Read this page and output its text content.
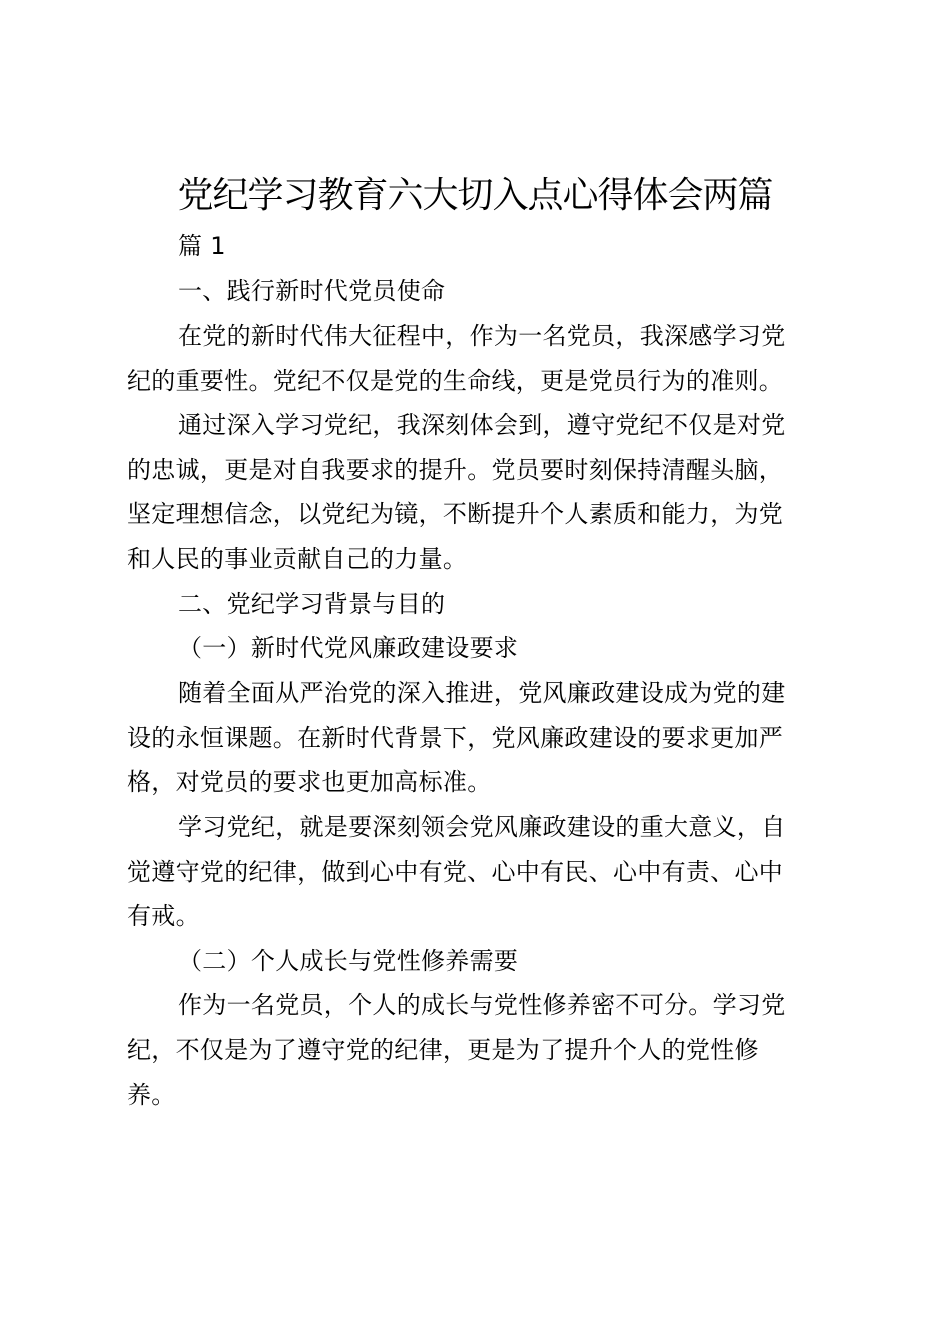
党纪学习教育六大切入点心得体会两篇
篇 1
一、践行新时代党员使命
在党的新时代伟大征程中，作为一名党员，我深感学习党
纪的重要性。党纪不仅是党的生命线，更是党员行为的准则。
通过深入学习党纪，我深刻体会到，遵守党纪不仅是对党
的忠诚，更是对自我要求的提升。党员要时刻保持清醒头脑，
坚定理想信念，以党纪为镜，不断提升个人素质和能力，为党
和人民的事业贡献自己的力量。
二、党纪学习背景与目的
（一）新时代党风廉政建设要求
随着全面从严治党的深入推进，党风廉政建设成为党的建
设的永恒课题。在新时代背景下，党风廉政建设的要求更加严
格，对党员的要求也更加高标准。
学习党纪，就是要深刻领会党风廉政建设的重大意义，自
觉遵守党的纪律，做到心中有党、心中有民、心中有责、心中
有戒。
（二）个人成长与党性修养需要
作为一名党员，个人的成长与党性修养密不可分。学习党
纪，不仅是为了遵守党的纪律，更是为了提升个人的党性修
养。
